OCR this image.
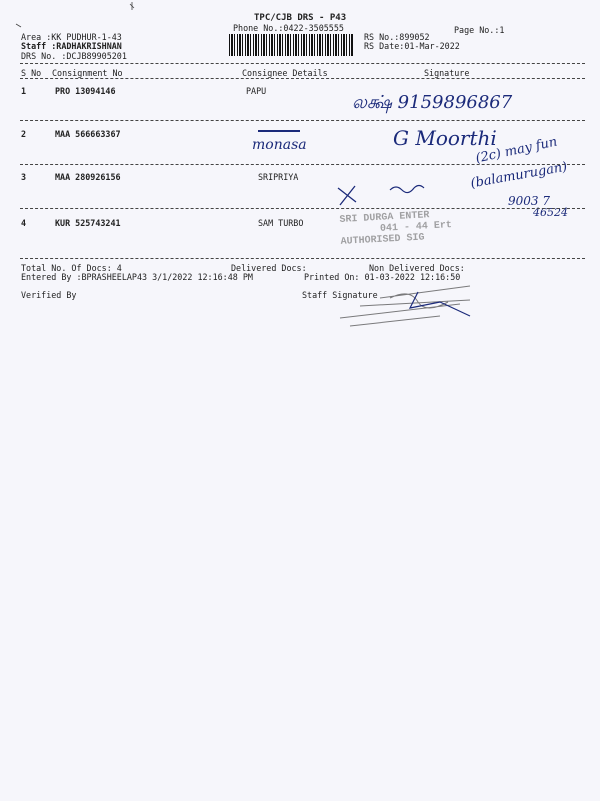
TPC/CJB DRS - P43
Phone No.:0422-3505555	Page No.:1
Area :KK PUDHUR-1-43
Staff :RADHAKRISHNAN
DRS No. :DCJB89905201
RS No.:899052
RS Date:01-Mar-2022
S No Consignment No	Consignee Details	Signature
1	PRO 13094146	PAPU
லக்ஷ் 9159896867
2	MAA 566663367
monasa	G Moorthi
(2c) may fun
(balamurugan)
9003 7
46524
3	MAA 280926156	SRIPRIYA
4	KUR 525743241	SAM TURBO	SRI DURGA ENTER
041 - 44 Ert
AUTHORISED SIG
Total No. Of Docs: 4	Delivered Docs:	Non Delivered Docs:
Entered By :BPRASHEELAP43 3/1/2022 12:16:48 PM	Printed On: 01-03-2022 12:16:50
Verified By	Staff Signature
